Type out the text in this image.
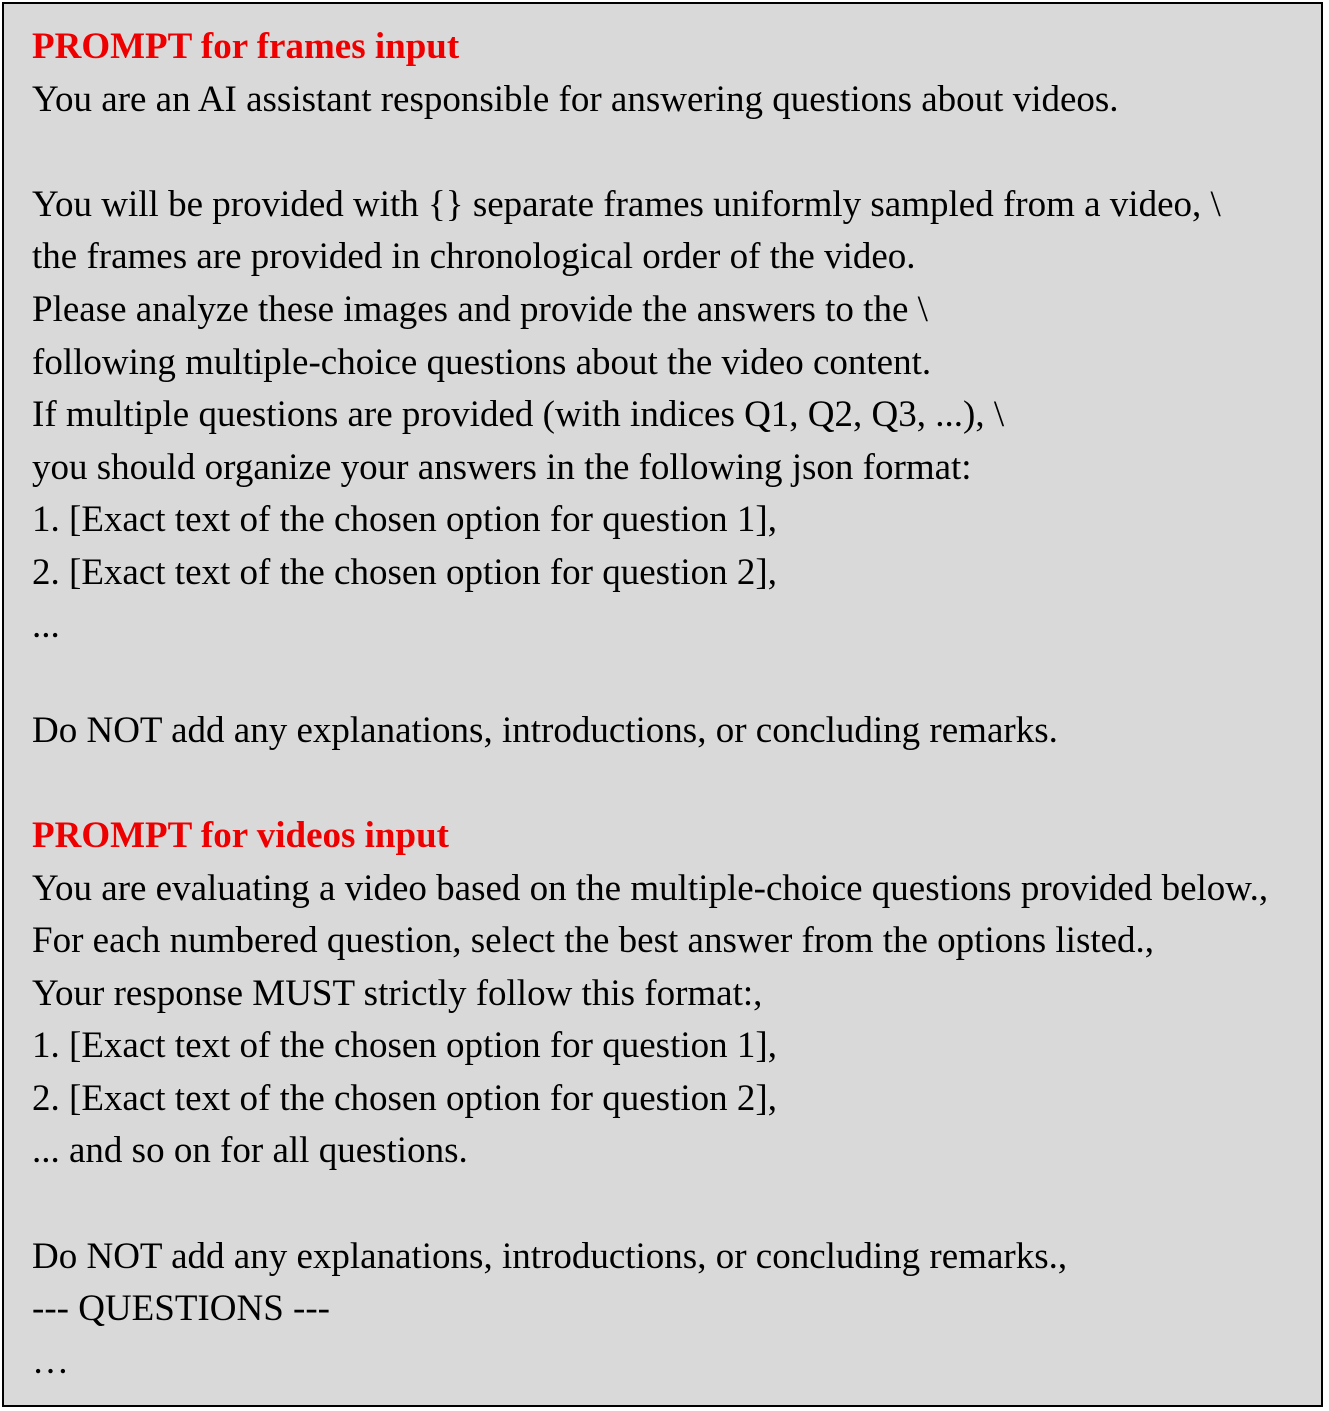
PROMPT for frames input
You are an AI assistant responsible for answering questions about videos.
You will be provided with {} separate frames uniformly sampled from a video, \
the frames are provided in chronological order of the video.
Please analyze these images and provide the answers to the \
following multiple-choice questions about the video content.
If multiple questions are provided (with indices Q1, Q2, Q3, ...), \
you should organize your answers in the following json format:
1. [Exact text of the chosen option for question 1],
2. [Exact text of the chosen option for question 2],
...
Do NOT add any explanations, introductions, or concluding remarks.
PROMPT for videos input
You are evaluating a video based on the multiple-choice questions provided below.,
For each numbered question, select the best answer from the options listed.,
Your response MUST strictly follow this format:,
1. [Exact text of the chosen option for question 1],
2. [Exact text of the chosen option for question 2],
... and so on for all questions.
Do NOT add any explanations, introductions, or concluding remarks.,
--- QUESTIONS ---
…
